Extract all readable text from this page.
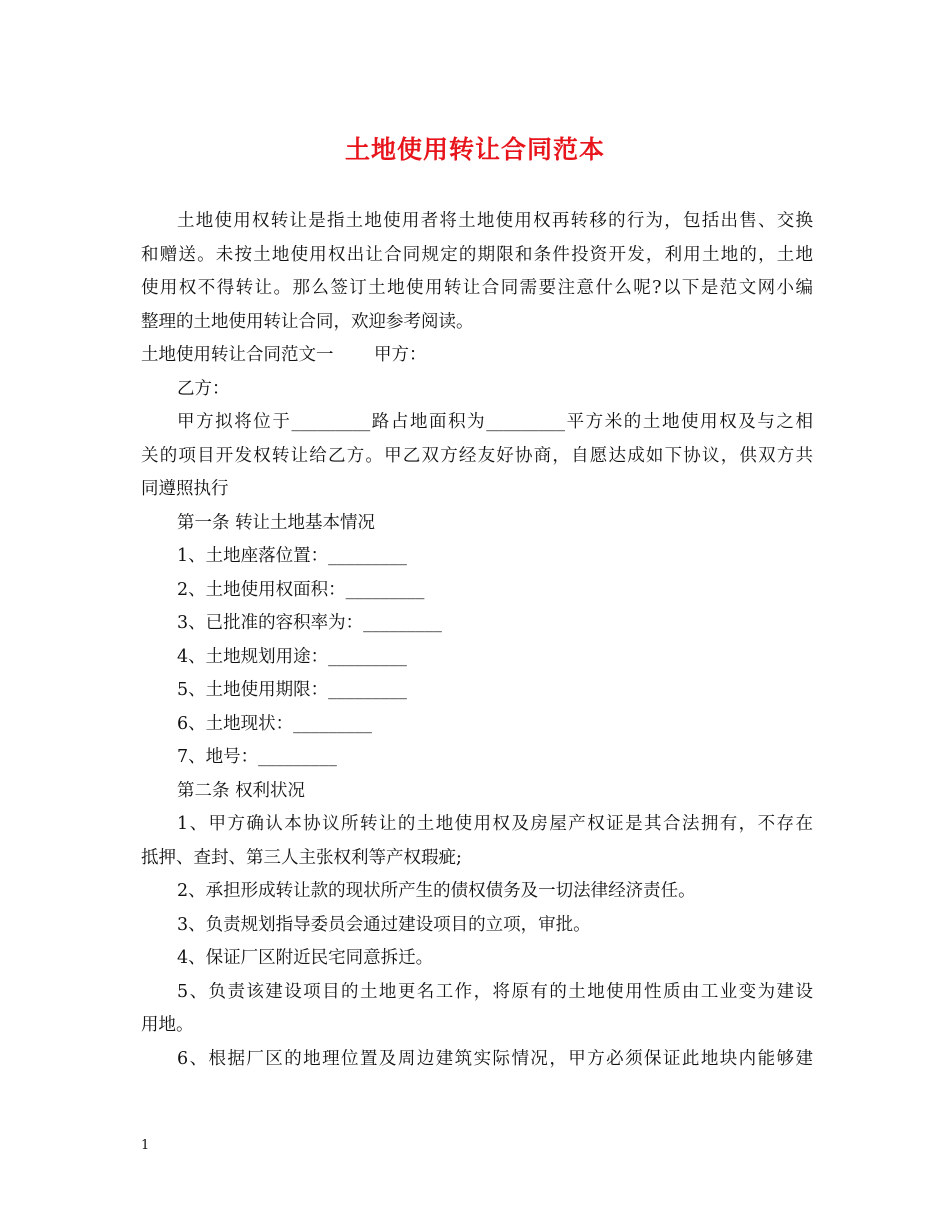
土地使用转让合同范本
土地使用权转让是指土地使用者将土地使用权再转移的行为，包括出售、交换
和赠送。未按土地使用权出让合同规定的期限和条件投资开发，利用土地的，土地
使用权不得转让。那么签订土地使用转让合同需要注意什么呢?以下是范文网小编
整理的土地使用转让合同，欢迎参考阅读。
土地使用转让合同范文一　　 甲方：
乙方：
甲方拟将位于_________路占地面积为_________平方米的土地使用权及与之相
关的项目开发权转让给乙方。甲乙双方经友好协商，自愿达成如下协议，供双方共
同遵照执行
第一条 转让土地基本情况
1、土地座落位置：_________
2、土地使用权面积：_________
3、已批准的容积率为：_________
4、土地规划用途：_________
5、土地使用期限：_________
6、土地现状：_________
7、地号：_________
第二条 权利状况
1、甲方确认本协议所转让的土地使用权及房屋产权证是其合法拥有，不存在
抵押、查封、第三人主张权利等产权瑕疵;
2、承担形成转让款的现状所产生的债权债务及一切法律经济责任。
3、负责规划指导委员会通过建设项目的立项，审批。
4、保证厂区附近民宅同意拆迁。
5、负责该建设项目的土地更名工作，将原有的土地使用性质由工业变为建设
用地。
6、根据厂区的地理位置及周边建筑实际情况，甲方必须保证此地块内能够建
1
